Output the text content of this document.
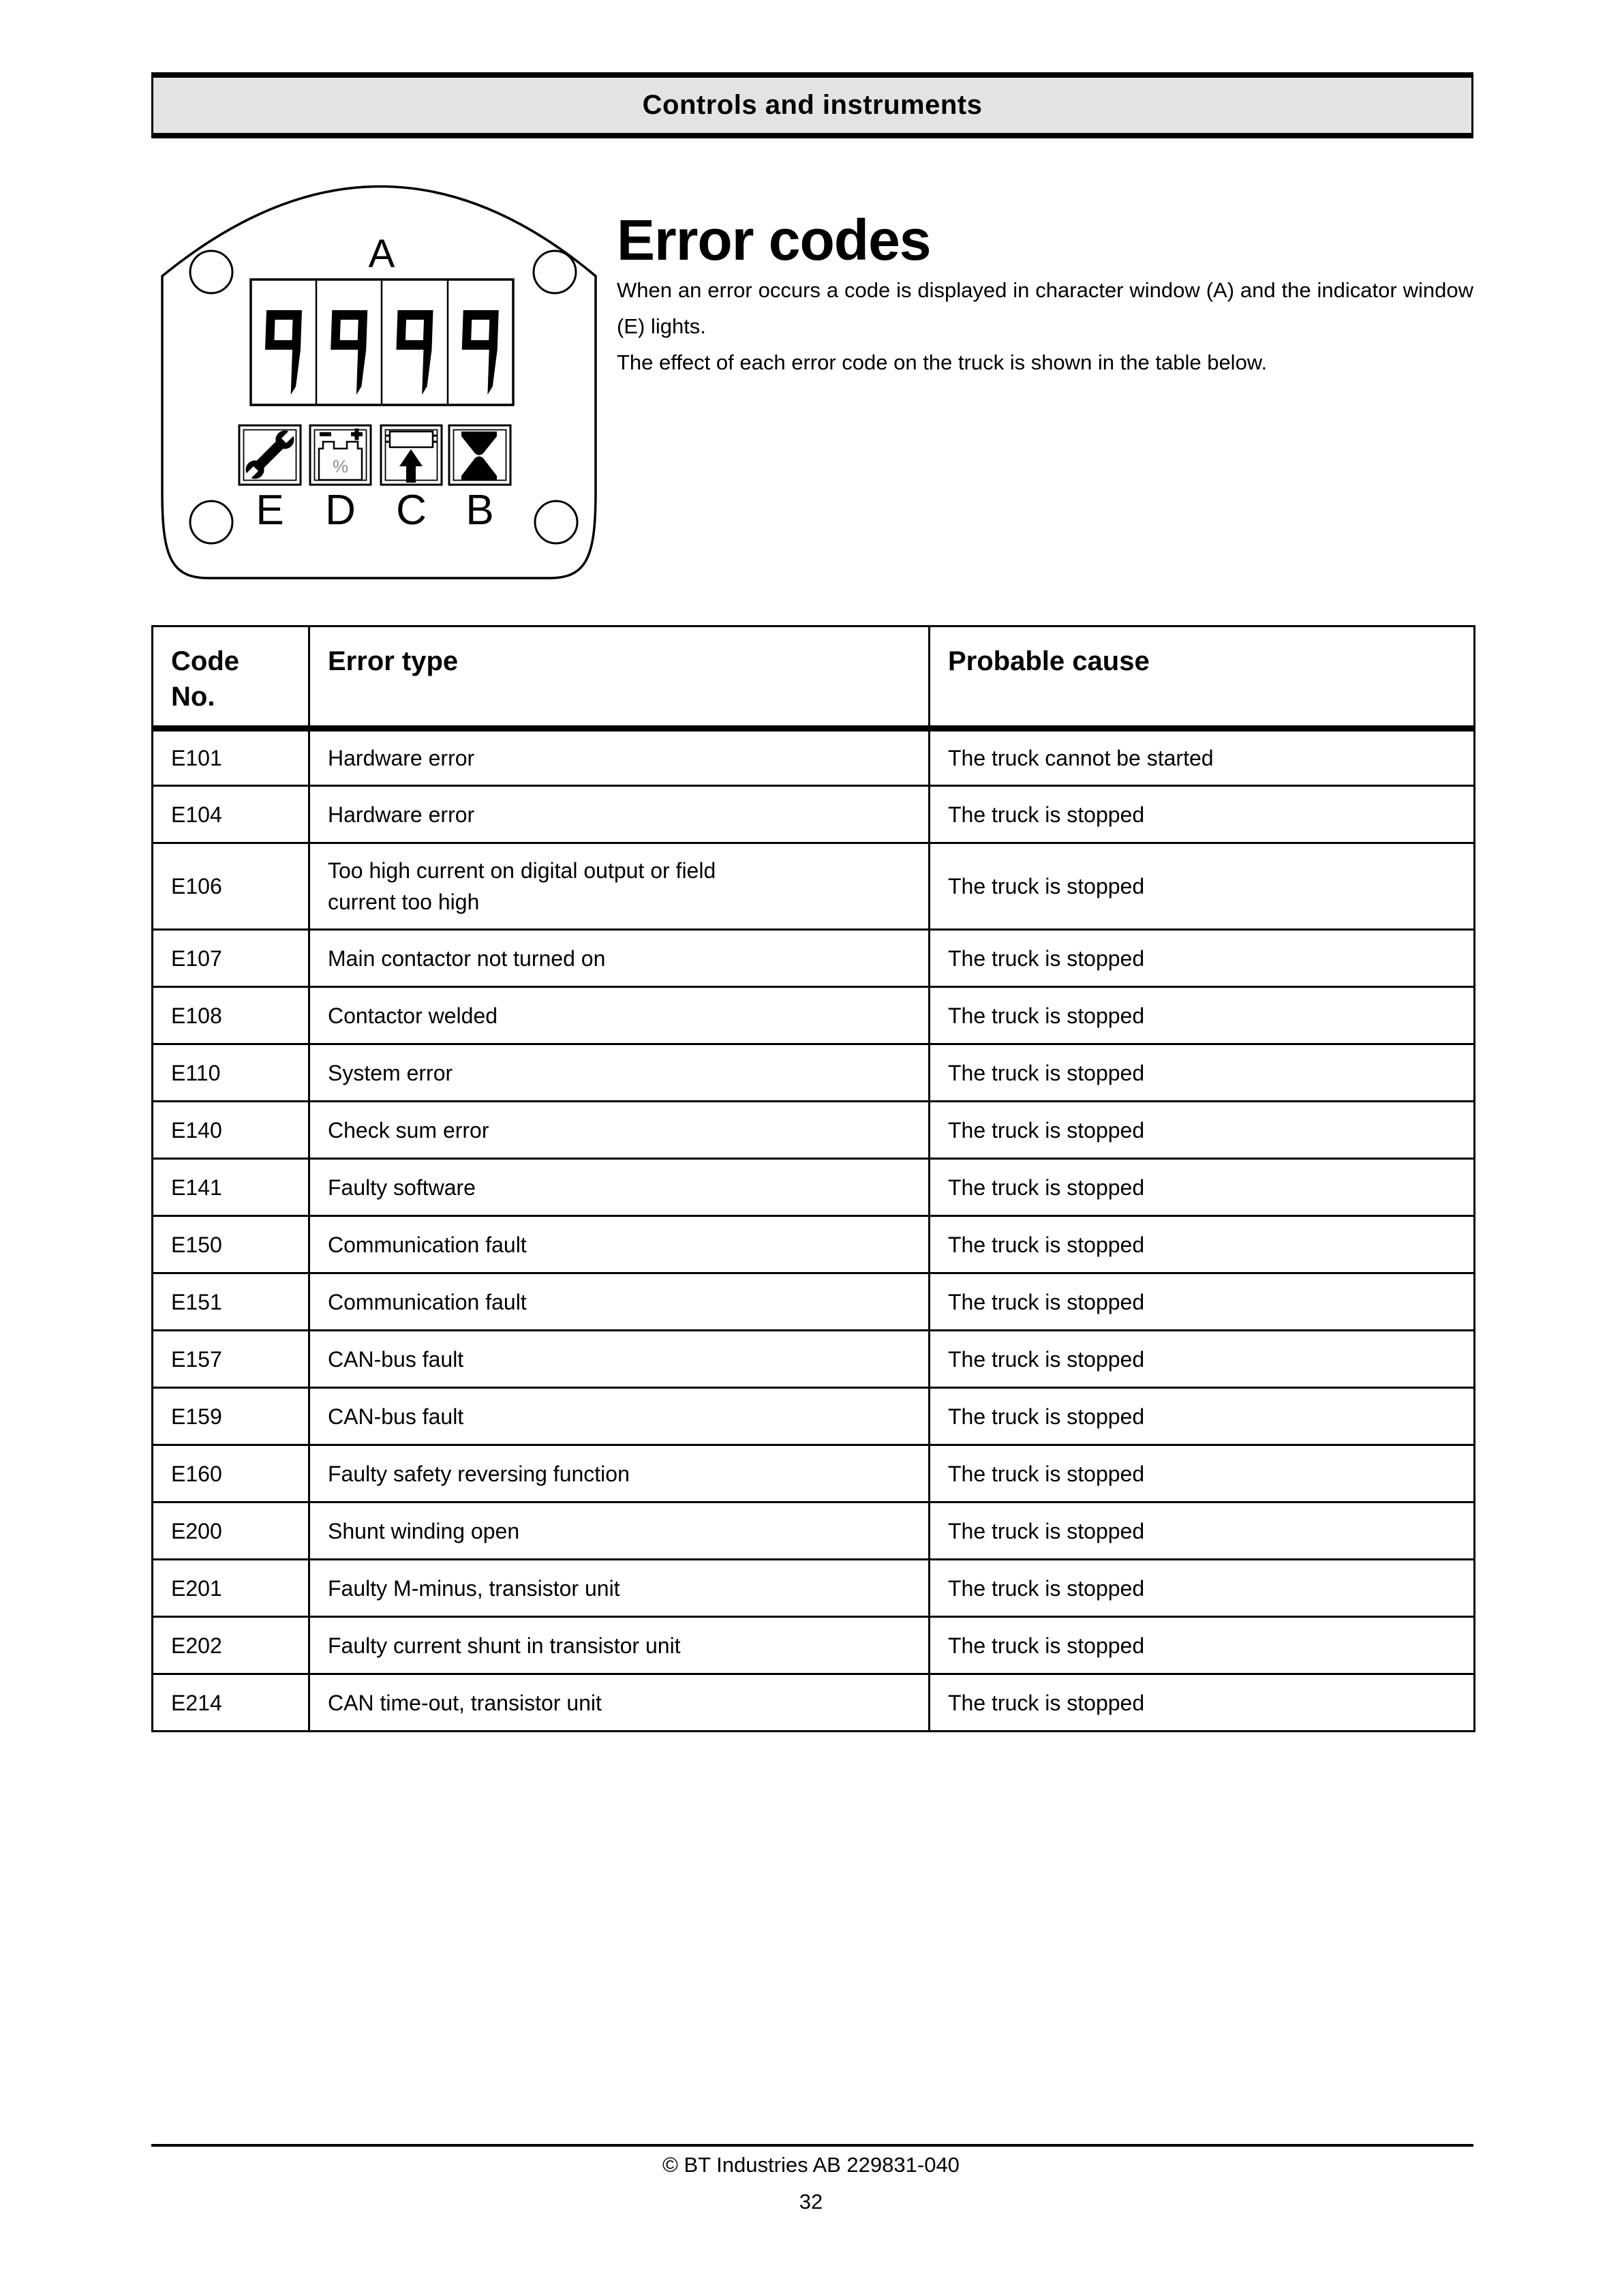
Controls and instruments
A
%
E D C B
Error codes

When an error occurs a code is displayed in character window (A) and the indicator window (E) lights.

The effect of each error code on the truck is shown in the table below.

Code
No.	Error type	Probable cause
E101	Hardware error	The truck cannot be started
E104	Hardware error	The truck is stopped
E106	Too high current on digital output or field
current too high	The truck is stopped
E107	Main contactor not turned on	The truck is stopped
E108	Contactor welded	The truck is stopped
E110	System error	The truck is stopped
E140	Check sum error	The truck is stopped
E141	Faulty software	The truck is stopped
E150	Communication fault	The truck is stopped
E151	Communication fault	The truck is stopped
E157	CAN-bus fault	The truck is stopped
E159	CAN-bus fault	The truck is stopped
E160	Faulty safety reversing function	The truck is stopped
E200	Shunt winding open	The truck is stopped
E201	Faulty M-minus, transistor unit	The truck is stopped
E202	Faulty current shunt in transistor unit	The truck is stopped
E214	CAN time-out, transistor unit	The truck is stopped
© BT Industries AB 229831-040
32
